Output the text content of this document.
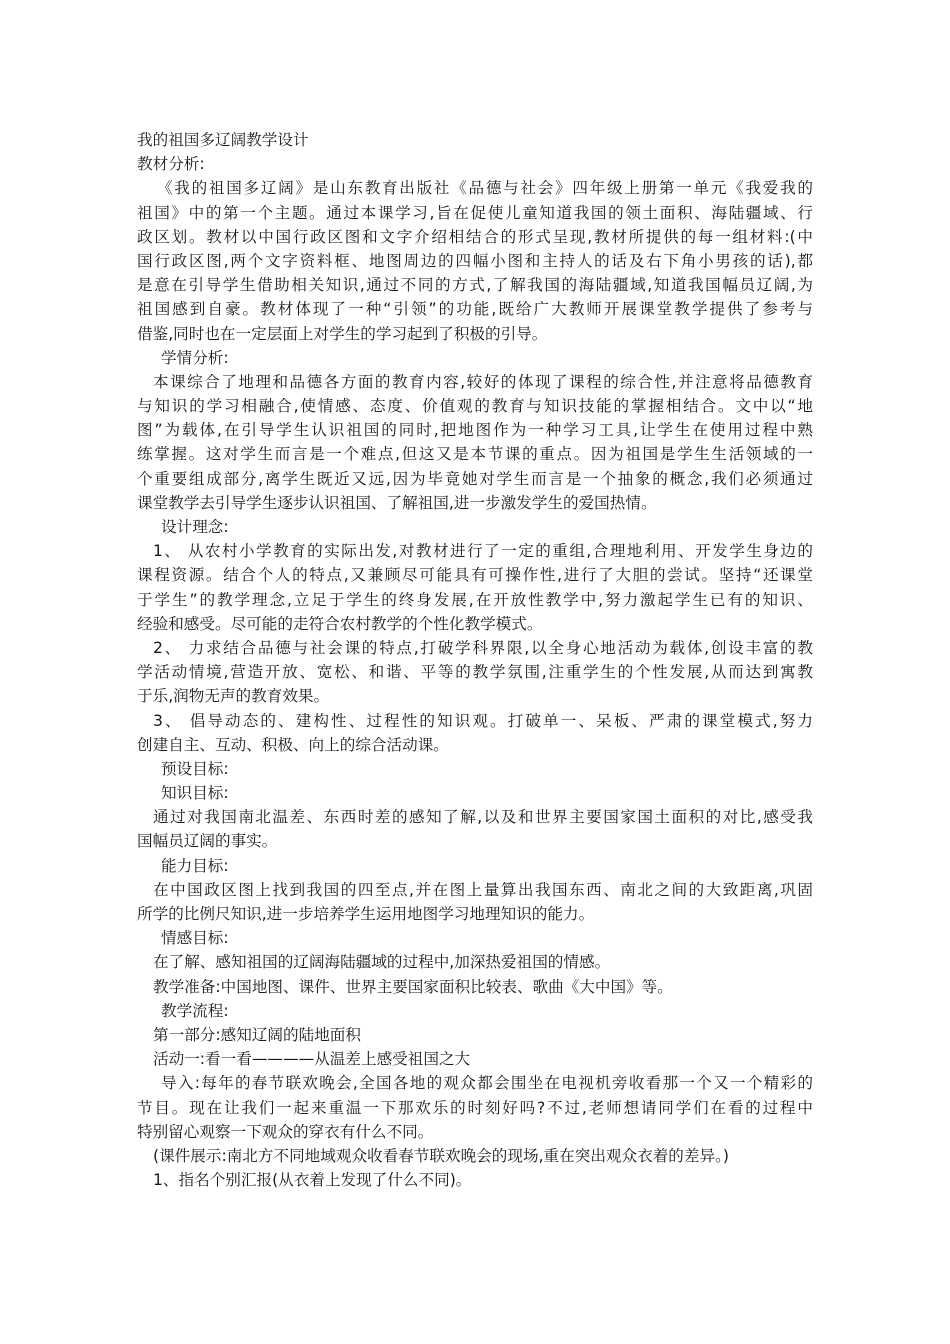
我的祖国多辽阔教学设计
教材分析:
《我的祖国多辽阔》是山东教育出版社《品德与社会》四年级上册第一单元《我爱我的
祖国》中的第一个主题。通过本课学习,旨在促使儿童知道我国的领土面积、海陆疆域、行
政区划。教材以中国行政区图和文字介绍相结合的形式呈现,教材所提供的每一组材料:(中
国行政区图,两个文字资料框、地图周边的四幅小图和主持人的话及右下角小男孩的话),都
是意在引导学生借助相关知识,通过不同的方式,了解我国的海陆疆域,知道我国幅员辽阔,为
祖国感到自豪。教材体现了一种“引领”的功能,既给广大教师开展课堂教学提供了参考与
借鉴,同时也在一定层面上对学生的学习起到了积极的引导。
学情分析:
本课综合了地理和品德各方面的教育内容,较好的体现了课程的综合性,并注意将品德教育
与知识的学习相融合,使情感、态度、价值观的教育与知识技能的掌握相结合。文中以“地
图”为载体,在引导学生认识祖国的同时,把地图作为一种学习工具,让学生在使用过程中熟
练掌握。这对学生而言是一个难点,但这又是本节课的重点。因为祖国是学生生活领域的一
个重要组成部分,离学生既近又远,因为毕竟她对学生而言是一个抽象的概念,我们必须通过
课堂教学去引导学生逐步认识祖国、了解祖国,进一步激发学生的爱国热情。
设计理念:
1、 从农村小学教育的实际出发,对教材进行了一定的重组,合理地利用、开发学生身边的
课程资源。结合个人的特点,又兼顾尽可能具有可操作性,进行了大胆的尝试。坚持“还课堂
于学生”的教学理念,立足于学生的终身发展,在开放性教学中,努力激起学生已有的知识、
经验和感受。尽可能的走符合农村教学的个性化教学模式。
2、 力求结合品德与社会课的特点,打破学科界限,以全身心地活动为载体,创设丰富的教
学活动情境,营造开放、宽松、和谐、平等的教学氛围,注重学生的个性发展,从而达到寓教
于乐,润物无声的教育效果。
3、 倡导动态的、建构性、过程性的知识观。打破单一、呆板、严肃的课堂模式,努力
创建自主、互动、积极、向上的综合活动课。
预设目标:
知识目标:
通过对我国南北温差、东西时差的感知了解,以及和世界主要国家国土面积的对比,感受我
国幅员辽阔的事实。
能力目标:
在中国政区图上找到我国的四至点,并在图上量算出我国东西、南北之间的大致距离,巩固
所学的比例尺知识,进一步培养学生运用地图学习地理知识的能力。
情感目标:
在了解、感知祖国的辽阔海陆疆域的过程中,加深热爱祖国的情感。
教学准备:中国地图、课件、世界主要国家面积比较表、歌曲《大中国》等。
教学流程:
第一部分:感知辽阔的陆地面积
活动一:看一看————从温差上感受祖国之大
导入:每年的春节联欢晚会,全国各地的观众都会围坐在电视机旁收看那一个又一个精彩的
节目。现在让我们一起来重温一下那欢乐的时刻好吗?不过,老师想请同学们在看的过程中
特别留心观察一下观众的穿衣有什么不同。
(课件展示:南北方不同地域观众收看春节联欢晚会的现场,重在突出观众衣着的差异。)
1、指名个别汇报(从衣着上发现了什么不同)。
